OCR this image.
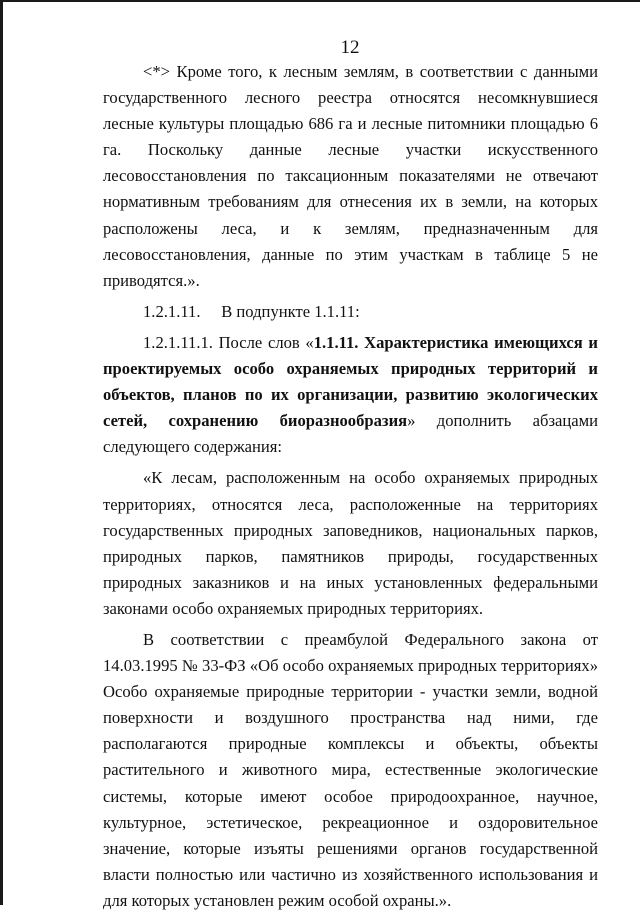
12

<*> Кроме того, к лесным землям, в соответствии с данными государственного лесного реестра относятся несомкнувшиеся лесные культуры площадью 686 га и лесные питомники площадью 6 га. Поскольку данные лесные участки искусственного лесовосстановления по таксационным показателями не отвечают нормативным требованиям для отнесения их в земли, на которых расположены леса, и к землям, предназначенным для лесовосстановления, данные по этим участкам в таблице 5 не приводятся.».

1.2.1.11.     В подпункте 1.1.11:

1.2.1.11.1. После слов «1.1.11. Характеристика имеющихся и проектируемых особо охраняемых природных территорий и объектов, планов по их организации, развитию экологических сетей, сохранению биоразнообразия» дополнить абзацами следующего содержания:

«К лесам, расположенным на особо охраняемых природных территориях, относятся леса, расположенные на территориях государственных природных заповедников, национальных парков, природных парков, памятников природы, государственных природных заказников и на иных установленных федеральными законами особо охраняемых природных территориях.

В соответствии с преамбулой Федерального закона от 14.03.1995 № 33-ФЗ «Об особо охраняемых природных территориях» Особо охраняемые природные территории - участки земли, водной поверхности и воздушного пространства над ними, где располагаются природные комплексы и объекты, объекты растительного и животного мира, естественные экологические системы, которые имеют особое природоохранное, научное, культурное, эстетическое, рекреационное и оздоровительное значение, которые изъяты решениями органов государственной власти полностью или частично из хозяйственного использования и для которых установлен режим особой охраны.».
